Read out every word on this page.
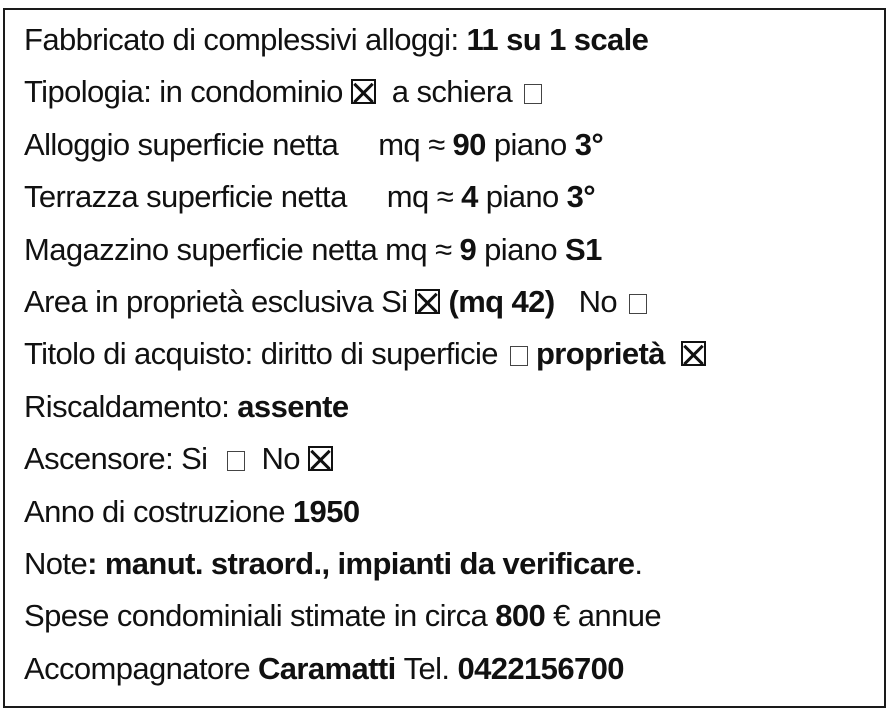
Fabbricato di complessivi alloggi: 11 su 1 scale
Tipologia: in condominio   a schiera
Alloggio superficie netta     mq ≈ 90 piano 3°
Terrazza superficie netta     mq ≈ 4 piano 3°
Magazzino superficie netta mq ≈ 9 piano S1
Area in proprietà esclusiva Si  (mq 42)   No
Titolo di acquisto: diritto di superficie  proprietà
Riscaldamento: assente
Ascensore: Si    No
Anno di costruzione 1950
Note: manut. straord., impianti da verificare.
Spese condominiali stimate in circa 800 € annue
Accompagnatore Caramatti Tel. 0422156700
